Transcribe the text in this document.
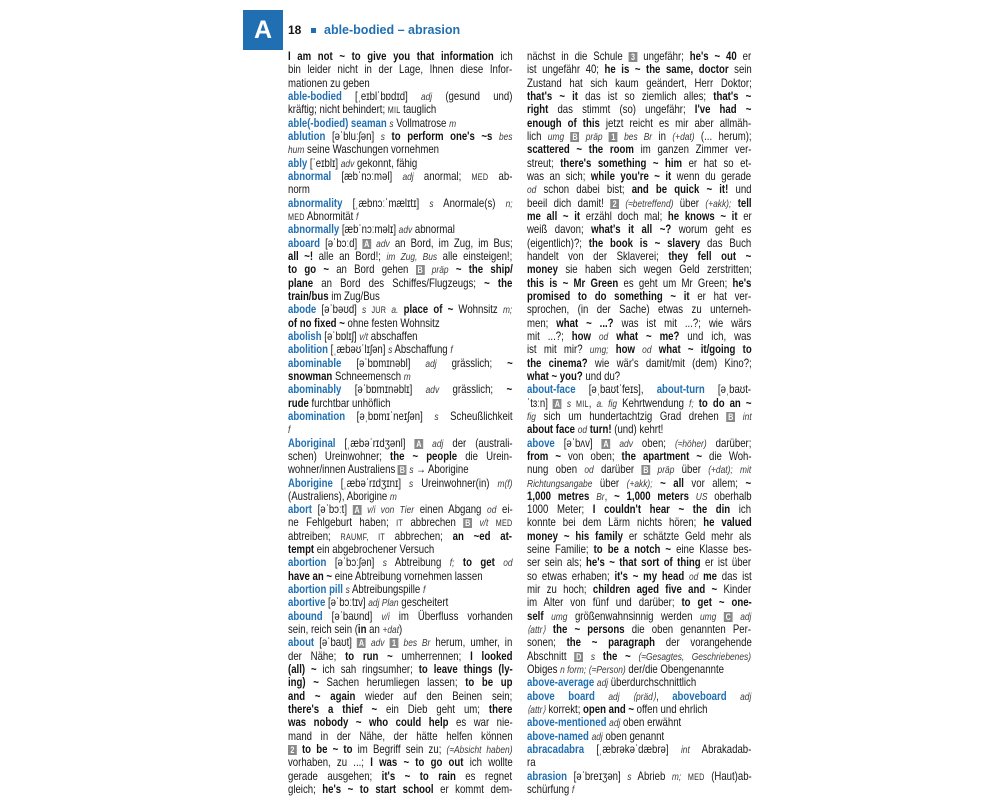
A 18 able-bodied – abrasion
I am not ~ to give you that information ich
bin leider nicht in der Lage, Ihnen diese Infor-
mationen zu geben
able-bodied [ˌeɪblˈbɒdɪd] adj (gesund und)
kräftig; nicht behindert; MIL tauglich
able(-bodied) seaman s Vollmatrose m
ablution [əˈbluːʃən] s to perform one's ~s bes
hum seine Waschungen vornehmen
ably [ˈeɪblɪ] adv gekonnt, fähig
abnormal [æbˈnɔːməl] adj anormal; MED ab-
norm
abnormality [ˌæbnɔːˈmælɪtɪ] s Anormale(s) n;
MED Abnormität f
abnormally [æbˈnɔːməlɪ] adv abnormal
aboard [əˈbɔːd] A adv an Bord, im Zug, im Bus;
all ~! alle an Bord!; im Zug, Bus alle einsteigen!;
to go ~ an Bord gehen B präp ~ the ship/
plane an Bord des Schiffes/Flugzeugs; ~ the
train/bus im Zug/Bus
abode [əˈbəʊd] s JUR a. place of ~ Wohnsitz m;
of no fixed ~ ohne festen Wohnsitz
abolish [əˈbɒlɪʃ] v/t abschaffen
abolition [ˌæbəʊˈlɪʃən] s Abschaffung f
abominable [əˈbɒmɪnəbl] adj grässlich; ~
snowman Schneemensch m
abominably [əˈbɒmɪnəblɪ] adv grässlich; ~
rude furchtbar unhöflich
abomination [əˌbɒmɪˈneɪʃən] s Scheußlichkeit
f
Aboriginal [ˌæbəˈrɪdʒənl] A adj der (australi-
schen) Ureinwohner; the ~ people die Urein-
wohner/innen Australiens B s → Aborigine
Aborigine [ˌæbəˈrɪdʒɪnɪ] s Ureinwohner(in) m(f)
(Australiens), Aborigine m
abort [əˈbɔːt] A v/i von Tier einen Abgang od ei-
ne Fehlgeburt haben; IT abbrechen B v/t MED
abtreiben; RAUMF, IT abbrechen; an ~ed at-
tempt ein abgebrochener Versuch
abortion [əˈbɔːʃən] s Abtreibung f; to get od
have an ~ eine Abtreibung vornehmen lassen
abortion pill s Abtreibungspille f
abortive [əˈbɔːtɪv] adj Plan gescheitert
abound [əˈbaʊnd] v/i im Überfluss vorhanden
sein, reich sein (in an +dat)
about [əˈbaʊt] A adv 1 bes Br herum, umher, in
der Nähe; to run ~ umherrennen; I looked
(all) ~ ich sah ringsumher; to leave things (ly-
ing) ~ Sachen herumliegen lassen; to be up
and ~ again wieder auf den Beinen sein;
there's a thief ~ ein Dieb geht um; there
was nobody ~ who could help es war nie-
mand in der Nähe, der hätte helfen können
2 to be ~ to im Begriff sein zu; (≈Absicht haben)
vorhaben, zu ...; I was ~ to go out ich wollte
gerade ausgehen; it's ~ to rain es regnet
gleich; he's ~ to start school er kommt dem-
nächst in die Schule 3 ungefähr; he's ~ 40 er
ist ungefähr 40; he is ~ the same, doctor sein
Zustand hat sich kaum geändert, Herr Doktor;
that's ~ it das ist so ziemlich alles; that's ~
right das stimmt (so) ungefähr; I've had ~
enough of this jetzt reicht es mir aber allmäh-
lich umg B präp 1 bes Br in (+dat) (... herum);
scattered ~ the room im ganzen Zimmer ver-
streut; there's something ~ him er hat so et-
was an sich; while you're ~ it wenn du gerade
od schon dabei bist; and be quick ~ it! und
beeil dich damit! 2 (≈betreffend) über (+akk); tell
me all ~ it erzähl doch mal; he knows ~ it er
weiß davon; what's it all ~? worum geht es
(eigentlich)?; the book is ~ slavery das Buch
handelt von der Sklaverei; they fell out ~
money sie haben sich wegen Geld zerstritten;
this is ~ Mr Green es geht um Mr Green; he's
promised to do something ~ it er hat ver-
sprochen, (in der Sache) etwas zu unterneh-
men; what ~ ...? was ist mit ...?; wie wärs
mit ...?; how od what ~ me? und ich, was
ist mit mir? umg; how od what ~ it/going to
the cinema? wie wär's damit/mit (dem) Kino?;
what ~ you? und du?
about-face [əˌbaʊtˈfeɪs], about-turn [əˌbaʊt-
ˈtɜːn] A s MIL, a. fig Kehrtwendung f; to do an ~
fig sich um hundertachtzig Grad drehen B int
about face od turn! (und) kehrt!
above [əˈbʌv] A adv oben; (≈höher) darüber;
from ~ von oben; the apartment ~ die Woh-
nung oben od darüber B präp über (+dat); mit
Richtungsangabe über (+akk); ~ all vor allem; ~
1,000 metres Br, ~ 1,000 meters US oberhalb
1000 Meter; I couldn't hear ~ the din ich
konnte bei dem Lärm nichts hören; he valued
money ~ his family er schätzte Geld mehr als
seine Familie; to be a notch ~ eine Klasse bes-
ser sein als; he's ~ that sort of thing er ist über
so etwas erhaben; it's ~ my head od me das ist
mir zu hoch; children aged five and ~ Kinder
im Alter von fünf und darüber; to get ~ one-
self umg größenwahnsinnig werden umg C adj
⟨attr⟩ the ~ persons die oben genannten Per-
sonen; the ~ paragraph der vorangehende
Abschnitt D s the ~ (≈Gesagtes, Geschriebenes)
Obiges n form; (≈Person) der/die Obengenannte
above-average adj überdurchschnittlich
above board adj ⟨präd⟩, aboveboard adj
⟨attr⟩ korrekt; open and ~ offen und ehrlich
above-mentioned adj oben erwähnt
above-named adj oben genannt
abracadabra [ˌæbrəkəˈdæbrə] int Abrakadab-
ra
abrasion [əˈbreɪʒən] s Abrieb m; MED (Haut)ab-
schürfung f
